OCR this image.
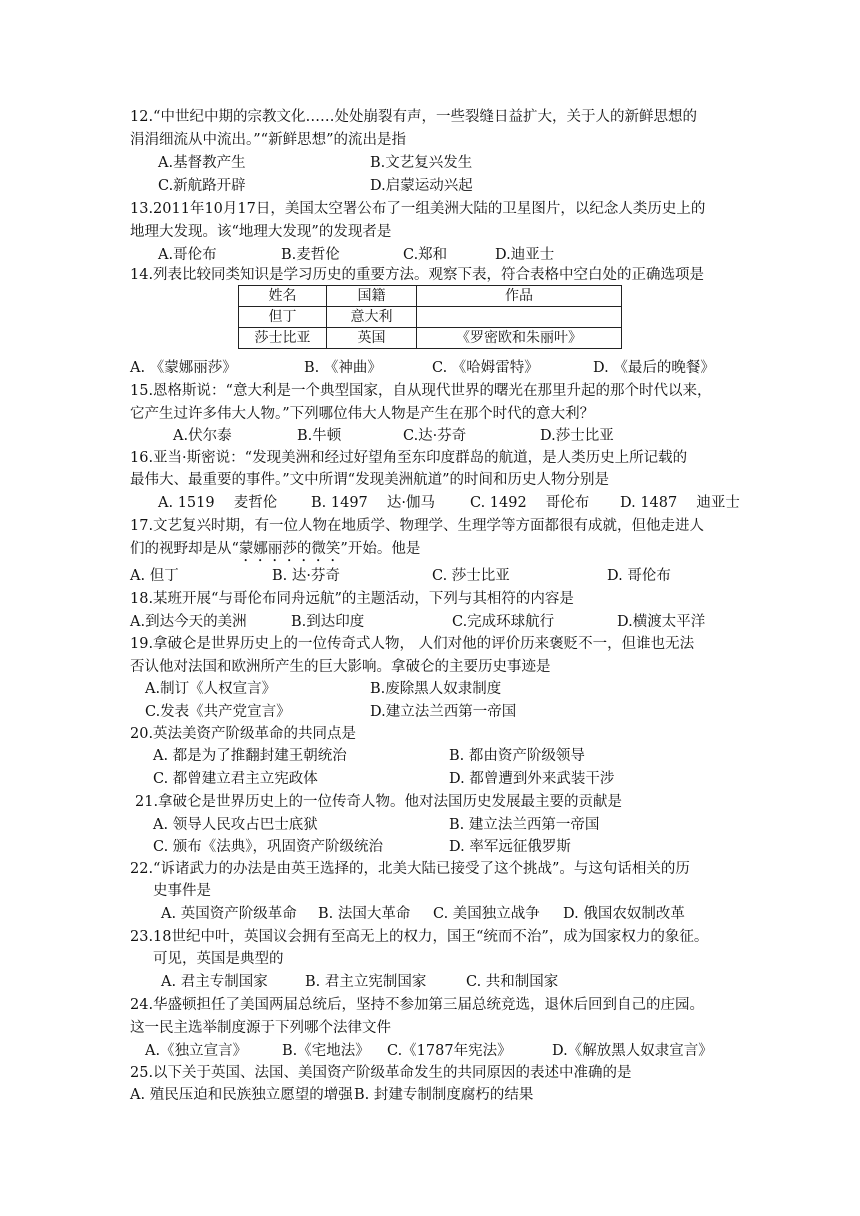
12.“中世纪中期的宗教文化……处处崩裂有声，一些裂缝日益扩大，关于人的新鲜思想的
涓涓细流从中流出。”“新鲜思想”的流出是指
A.基督教产生	B.文艺复兴发生
C.新航路开辟	D.启蒙运动兴起
13.2011年10月17日，美国太空署公布了一组美洲大陆的卫星图片，以纪念人类历史上的
地理大发现。该“地理大发现”的发现者是
A.哥伦布	B.麦哲伦	C.郑和	D.迪亚士
14.列表比较同类知识是学习历史的重要方法。观察下表，符合表格中空白处的正确选项是
姓名	国籍	作品
但丁	意大利	
莎士比亚	英国	《罗密欧和朱丽叶》
A. 《蒙娜丽莎》	B. 《神曲》	C. 《哈姆雷特》	D. 《最后的晚餐》
15.恩格斯说：“意大利是一个典型国家，自从现代世界的曙光在那里升起的那个时代以来，
它产生过许多伟大人物。”下列哪位伟大人物是产生在那个时代的意大利？
A.伏尔泰	B.牛顿	C.达·芬奇	D.莎士比亚
16.亚当·斯密说：“发现美洲和经过好望角至东印度群岛的航道，是人类历史上所记载的
最伟大、最重要的事件。”文中所谓“发现美洲航道”的时间和历史人物分别是
A. 1519　 麦哲伦 B. 1497　 达·伽马 C. 1492　 哥伦布 D. 1487　 迪亚士
17.文艺复兴时期，有一位人物在地质学、物理学、生理学等方面都很有成就，但他走进人
们的视野却是从“蒙娜丽莎的微笑”开始。他是
A. 但丁	B. 达·芬奇	C. 莎士比亚	D. 哥伦布
18.某班开展“与哥伦布同舟远航”的主题活动，下列与其相符的内容是
A.到达今天的美洲	B.到达印度	C.完成环球航行	D.横渡太平洋
19.拿破仑是世界历史上的一位传奇式人物， 人们对他的评价历来褒贬不一，但谁也无法
否认他对法国和欧洲所产生的巨大影响。拿破仑的主要历史事迹是
A.制订《人权宣言》	B.废除黑人奴隶制度
C.发表《共产党宣言》	D.建立法兰西第一帝国
20.英法美资产阶级革命的共同点是
A. 都是为了推翻封建王朝统治	B. 都由资产阶级领导
C. 都曾建立君主立宪政体	D. 都曾遭到外来武装干涉
21.拿破仑是世界历史上的一位传奇人物。他对法国历史发展最主要的贡献是
A. 领导人民攻占巴士底狱	B. 建立法兰西第一帝国
C. 颁布《法典》，巩固资产阶级统治	D. 率军远征俄罗斯
22.“诉诸武力的办法是由英王选择的，北美大陆已接受了这个挑战”。与这句话相关的历
史事件是
A. 英国资产阶级革命 B. 法国大革命 C. 美国独立战争 D. 俄国农奴制改革
23.18世纪中叶，英国议会拥有至高无上的权力，国王“统而不治”，成为国家权力的象征。
可见，英国是典型的
A. 君主专制国家	B. 君主立宪制国家	C. 共和制国家
24.华盛顿担任了美国两届总统后，坚持不参加第三届总统竞选，退休后回到自己的庄园。
这一民主选举制度源于下列哪个法律文件
A.《独立宣言》 B.《宅地法》 C.《1787年宪法》	D.《解放黑人奴隶宣言》
25.以下关于英国、法国、美国资产阶级革命发生的共同原因的表述中准确的是
A. 殖民压迫和民族独立愿望的增强 B. 封建专制制度腐朽的结果
